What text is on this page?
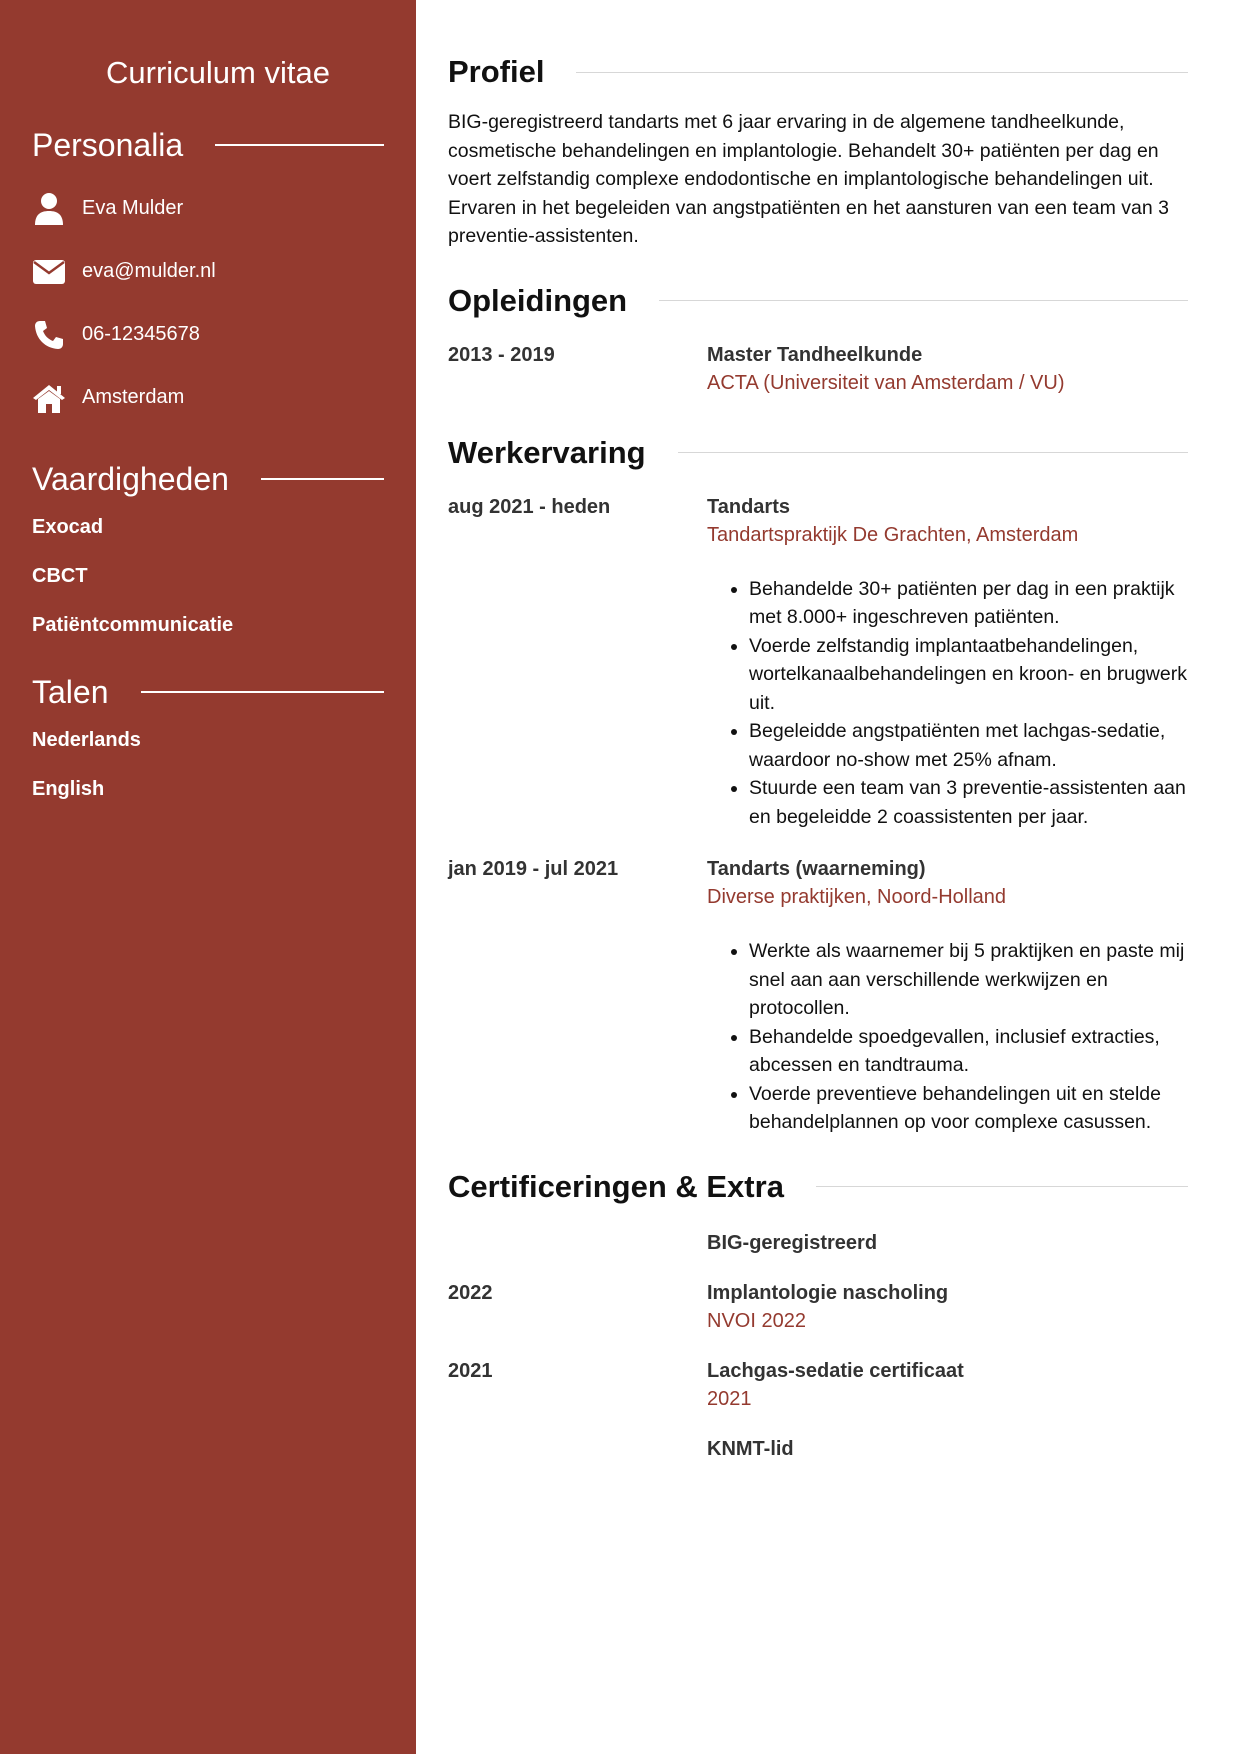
Curriculum vitae
Personalia
Eva Mulder
eva@mulder.nl
06-12345678
Amsterdam
Vaardigheden
Exocad
CBCT
Patiëntcommunicatie
Talen
Nederlands
English
Profiel

BIG-geregistreerd tandarts met 6 jaar ervaring in de algemene tandheelkunde, cosmetische behandelingen en implantologie. Behandelt 30+ patiënten per dag en voert zelfstandig complexe endodontische en implantologische behandelingen uit. Ervaren in het begeleiden van angstpatiënten en het aansturen van een team van 3 preventie-assistenten.

Opleidingen
2013 - 2019	Master Tandheelkunde
ACTA (Universiteit van Amsterdam / VU)
Werkervaring
aug 2021 - heden	Tandarts
Tandartspraktijk De Grachten, Amsterdam
• Behandelde 30+ patiënten per dag in een praktijk met 8.000+ ingeschreven patiënten.
• Voerde zelfstandig implantaatbehandelingen, wortelkanaalbehandelingen en kroon- en brugwerk uit.
• Begeleidde angstpatiënten met lachgas-sedatie, waardoor no-show met 25% afnam.
• Stuurde een team van 3 preventie-assistenten aan en begeleidde 2 coassistenten per jaar.
jan 2019 - jul 2021	Tandarts (waarneming)
Diverse praktijken, Noord-Holland
• Werkte als waarnemer bij 5 praktijken en paste mij snel aan aan verschillende werkwijzen en protocollen.
• Behandelde spoedgevallen, inclusief extracties, abcessen en tandtrauma.
• Voerde preventieve behandelingen uit en stelde behandelplannen op voor complexe casussen.
Certificeringen & Extra
BIG-geregistreerd
2022	Implantologie nascholing
NVOI 2022
2021	Lachgas-sedatie certificaat
2021
KNMT-lid
